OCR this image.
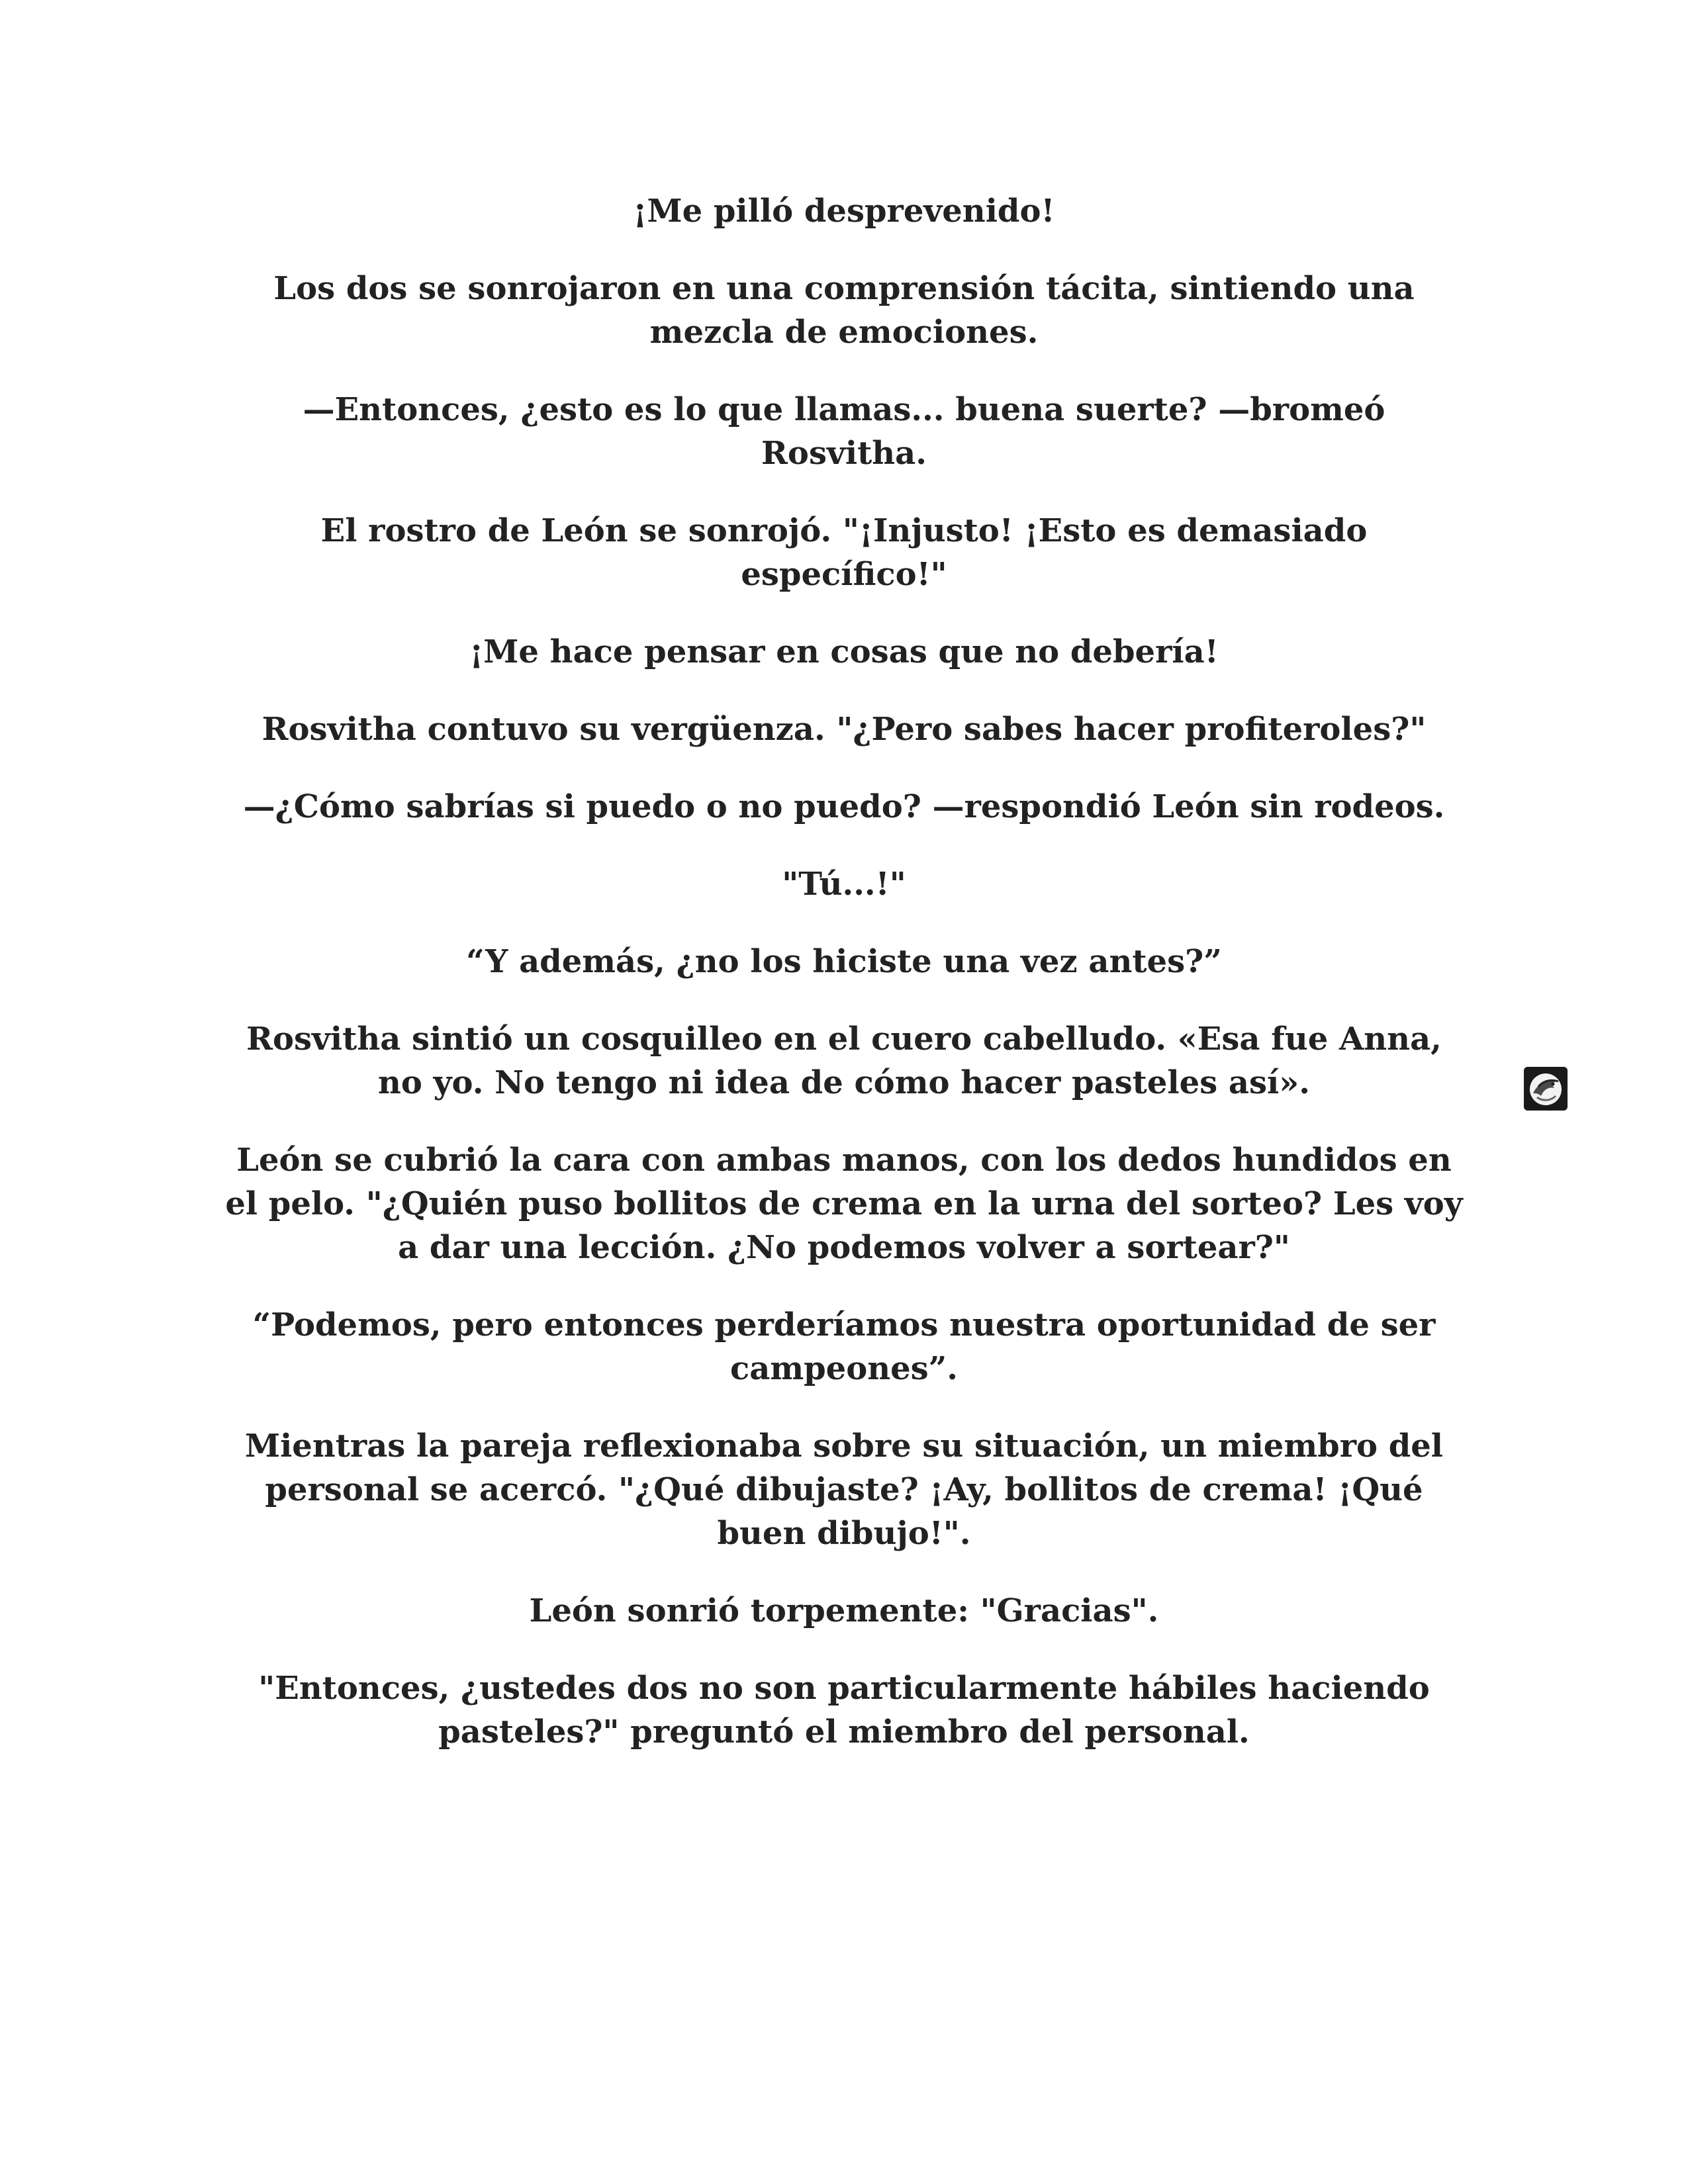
¡Me pilló desprevenido!

Los dos se sonrojaron en una comprensión tácita, sintiendo una mezcla de emociones.

—Entonces, ¿esto es lo que llamas... buena suerte? —bromeó Rosvitha.

El rostro de León se sonrojó. "¡Injusto! ¡Esto es demasiado específico!"

¡Me hace pensar en cosas que no debería!

Rosvitha contuvo su vergüenza. "¿Pero sabes hacer profiteroles?"

—¿Cómo sabrías si puedo o no puedo? —respondió León sin rodeos.

"Tú...!"

“Y además, ¿no los hiciste una vez antes?”

Rosvitha sintió un cosquilleo en el cuero cabelludo. «Esa fue Anna, no yo. No tengo ni idea de cómo hacer pasteles así».

León se cubrió la cara con ambas manos, con los dedos hundidos en el pelo. "¿Quién puso bollitos de crema en la urna del sorteo? Les voy a dar una lección. ¿No podemos volver a sortear?"

“Podemos, pero entonces perderíamos nuestra oportunidad de ser campeones”.

Mientras la pareja reflexionaba sobre su situación, un miembro del personal se acercó. "¿Qué dibujaste? ¡Ay, bollitos de crema! ¡Qué buen dibujo!".

León sonrió torpemente: "Gracias".

"Entonces, ¿ustedes dos no son particularmente hábiles haciendo pasteles?" preguntó el miembro del personal.
